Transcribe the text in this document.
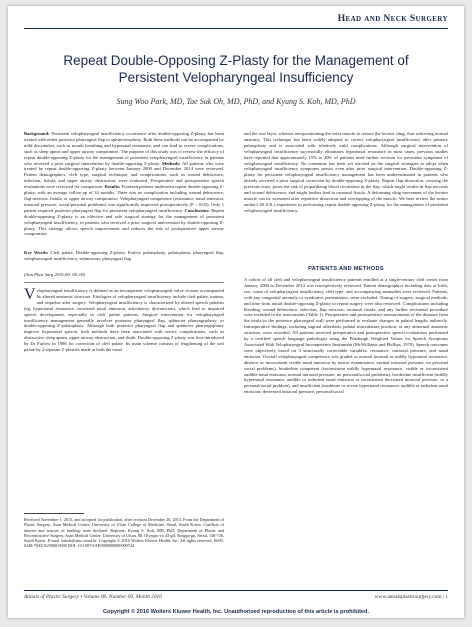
Head and Neck Surgery
Repeat Double-Opposing Z-Plasty for the Management of
Persistent Velopharyngeal Insufficiency
Sung Woo Park, MD, Tae Suk Oh, MD, PhD, and Kyung S. Koh, MD, PhD
Background: Persistent velopharyngeal insufficiency occurrence after double-opposing Z-plasty has been treated with either posterior pharyngeal flap or sphincteroplasty. Both these methods can be accompanied by mild discomfort, such as mouth breathing and hyponasal resonance, and can lead to severe complications, such as sleep apnea and upper airway compromise. The purpose of this study was to review the efficacy of repeat double-opposing Z-plasty for the management of persistent velopharyngeal insufficiency in patients who received a prior surgical intervention by double-opposing Z-plasty. Methods: All patients who were treated by repeat double-opposing Z-plasty between January 2000 and December 2014 were reviewed. Patient demographics, cleft type, surgical technique, and complications, such as wound dehiscence, infection, fistula, and upper airway obstruction, were evaluated. Preoperative and postoperative speech evaluations were reviewed for comparison. Results: Fourteen patients underwent repeat double-opposing Z-plasty, with an average follow-up of 34 months. There was no complication including wound dehiscence, flap necrosis, fistula, or upper airway compromise. Velopharyngeal competence (resonance, nasal emission, intraoral pressure, social/personal problems) was significantly improved postoperatively (P < 0.05). Only 1 patient required posterior pharyngeal flap for persistent velopharyngeal insufficiency. Conclusions: Repeat double-opposing Z-plasty is an effective and safe surgical strategy for the management of persistent velopharyngeal insufficiency, in patients who received a prior surgical intervention by double-opposing Z-plasty. This strategy allows speech improvement and reduces the risk of postoperative upper airway compromise.
Key Words: Cleft palate, Double-opposing Z-plasty, Furlow palatoplasty, palatoplasty, pharyngeal flap, velopharyngeal insufficiency, submucous, pharyngeal flap
(Ann Plast Surg 2016;00: 00–00)
Velopharyngeal insufficiency is defined as an incompetent velopharyngeal valve closure accompanied by altered anatomic structure. Etiologies of velopharyngeal insufficiency include cleft palate, trauma, and sequelae after surgery. Velopharyngeal insufficiency is characterized by altered speech patterns (eg, hypernasal resonance, increased nasal emission, articulatory dysfunction), which lead to impaired speech development, especially in cleft palate patients. Surgical intervention for velopharyngeal insufficiency management generally involves posterior pharyngeal flap, sphincter pharyngoplasty, or double-opposing Z-palatoplasty. Although both posterior pharyngeal flap and sphincter pharyngoplasty improve hypernasal speech, both methods have been associated with severe complications, such as obstructive sleep apnea, upper airway obstruction, and death. Double-opposing Z-plasty was first introduced by Dr Furlow in 1986 for correction of cleft palate. Its main scheme consists of lengthening of the soft palate by 2 separate Z-plasties made at both the nasal
Received November 1, 2015, and accepted for publication, after revision December 26, 2015. From the Department of Plastic Surgery, Asan Medical Center, University of Ulsan College of Medicine, Seoul, South Korea. Conflicts of interest and sources of funding: none declared. Reprints: Kyung S. Koh, MD, PhD, Department of Plastic and Reconstructive Surgery, Asan Medical Center, University of Ulsan, 88, Olympic-ro 43-gil, Songpa-gu, Seoul, 138-736, South Korea. E-mail: kskoh@amc.seoul.kr. Copyright © 2016 Wolters Kluwer Health, Inc. All rights reserved. ISSN: 0148-7043/16/0000-0000 DOI: 10.1097/SAP.0000000000000744
and the oral layer, whereas retropositioning the velar muscle to restore the levator sling, thus achieving normal anatomy. This technique has been widely adopted to correct velopharyngeal insufficiency after primary palatoplasty and is associated with relatively mild complications. Although surgical intervention of velopharyngeal insufficiency successfully eliminates hypernasal resonance in most cases, previous studies have reported that approximately 15% to 20% of patients need further revision for persistent symptoms of velopharyngeal insufficiency. No consensus has been yet reached on the surgical strategies to adopt when velopharyngeal insufficiency symptoms persist even after prior surgical intervention. Double-opposing Z-plasty for persistent velopharyngeal insufficiency management has been underestimated in patients who already received a prior surgical correction by double-opposing Z-plasty. Repeat flap dissection, crossing the previous scars, poses the risk of jeopardizing blood circulation in the flap, which might results in flap necrosis and wound dehiscence, and might further lead to oronasal fistula. A deforming sling movement of the levator muscle can be worsened after repetitive dissection and overlapping of the muscle. We here review the senior author's (K.S.K.) experience in performing repeat double-opposing Z-plasty for the management of persistent velopharyngeal insufficiency.
PATIENTS AND METHODS
A cohort of all cleft and velopharyngeal insufficiency patients enrolled at a single-tertiary cleft center from January 2000 to December 2014 was retrospectively reviewed. Patient demographics including date of birth, sex, cause of velopharyngeal insufficiency, cleft type, and accompanying anomalies were reviewed. Patients, with any congenital anomaly or syndromic presentation, were excluded. Timing of surgery, surgical methods, and time from initial double-opposing Z-plasty to repeat surgery were also reviewed. Complications including bleeding, wound dehiscence, infection, flap necrosis, oronasal fistula, and any further revisional procedure were included in the assessments (Table 1). Preoperative and postoperative measurements of the distance from the uvula to the posterior pharyngeal wall were performed to evaluate changes in palatal lengths indirectly. Intraoperative findings, including sagittal afterslash, palatal musculature position, or any abnormal anatomic structure, were recorded. All patients received preoperative and postoperative speech evaluations performed by a certified speech language pathologist using the Pittsburgh Weighted Values for Speech Symptoms Associated With Velopharyngeal Incompetence Instrument (McWilliams and Phillips, 1979). Speech outcomes were objectively based on 3 structurally correctable variables: resonance, intraoral pressure, and nasal emission. Overall velopharyngeal competence was graded as normal (normal or mildly hyponasal resonance, absence or inconsistent visible nasal emission by mirror examination, normal intraoral pressure, no personal social problems), borderline competent (inconsistent mildly hypernasal resonance, visible or inconsistent audible nasal emission, normal intraoral pressure, no personal/social problems), borderline insufficient (mildly hypernasal resonance, audible or turbulent nasal emission or inconsistent decreased intraoral pressure, or a personal/social problem), and insufficient (moderate or severe hypernasal resonance, audible or turbulent nasal emission, decreased intraoral pressure, personal/social
Annals of Plastic Surgery • Volume 00, Number 00, Month 2016	www.annalsplasticsurgery.com | 1
Copyright © 2016 Wolters Kluwer Health, Inc. Unauthorized reproduction of this article is prohibited.
